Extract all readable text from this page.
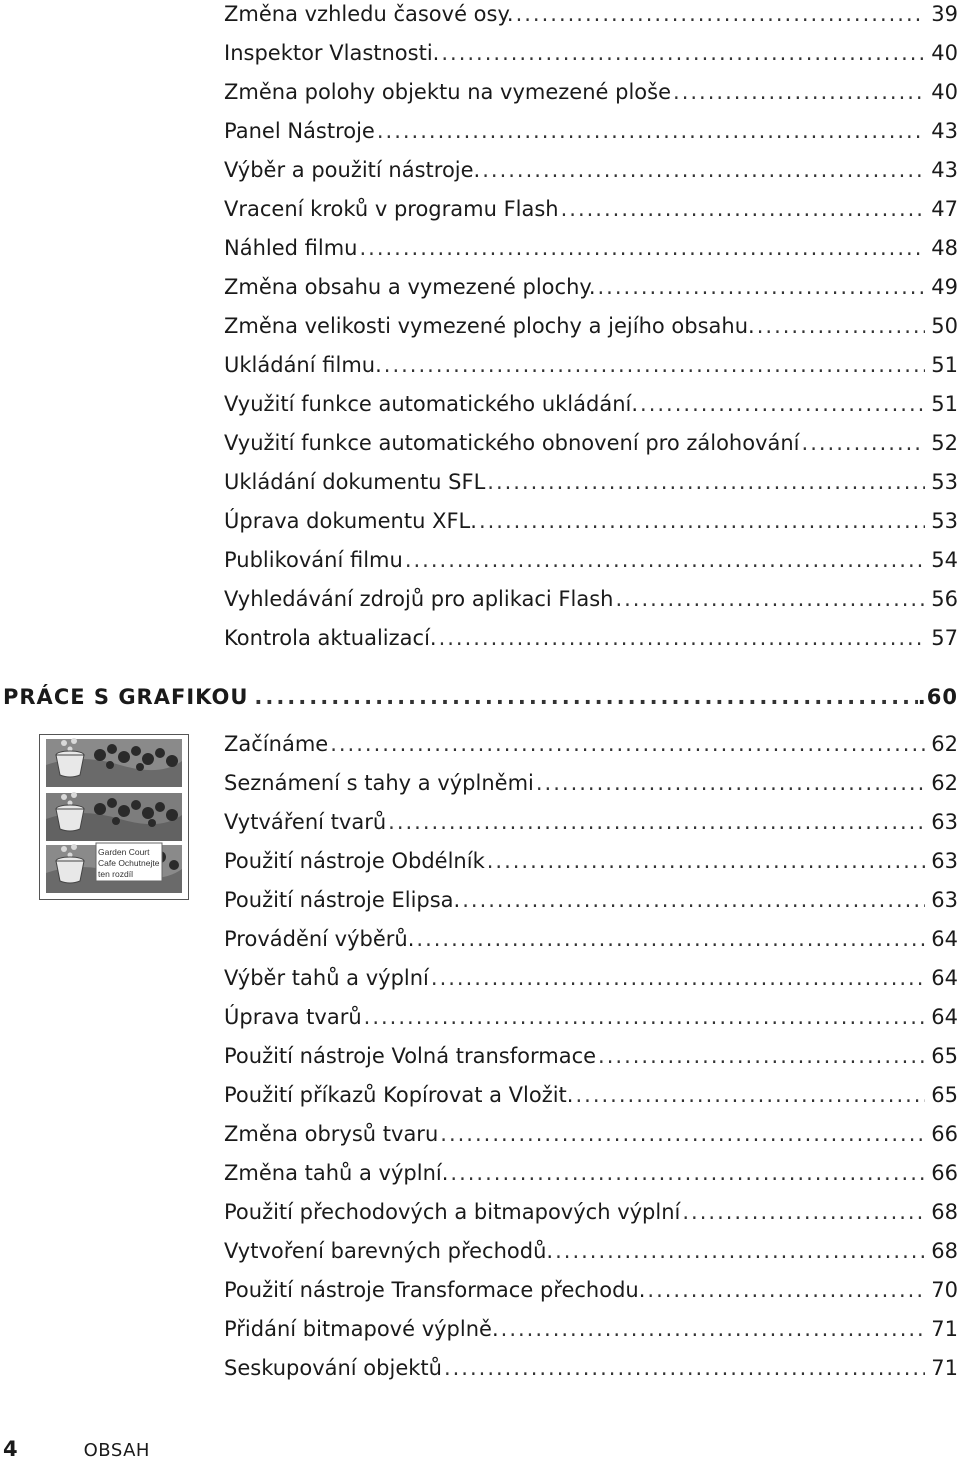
Změna vzhledu časové osy. .....	39
Inspektor Vlastnosti. .....	40
Změna polohy objektu na vymezené ploše .....	40
Panel Nástroje .....	43
Výběr a použití nástroje. .....	43
Vracení kroků v programu Flash .....	47
Náhled filmu .....	48
Změna obsahu a vymezené plochy. .....	49
Změna velikosti vymezené plochy a jejího obsahu. .....	50
Ukládání filmu. .....	51
Využití funkce automatického ukládání. .....	51
Využití funkce automatického obnovení pro zálohování .....	52
Ukládání dokumentu SFL .....	53
Úprava dokumentu XFL. .....	53
Publikování filmu .....	54
Vyhledávání zdrojů pro aplikaci Flash .....	56
Kontrola aktualizací. .....	57
PRÁCE S GRAFIKOU .....	.60
Začínáme .....	62
Seznámení s tahy a výplněmi .....	62
Vytváření tvarů .....	63
Použití nástroje Obdélník .....	63
Použití nástroje Elipsa. .....	63
Provádění výběrů. .....	64
Výběr tahů a výplní .....	64
Úprava tvarů .....	64
Použití nástroje Volná transformace .....	65
Použití příkazů Kopírovat a Vložit. .....	65
Změna obrysů tvaru .....	66
Změna tahů a výplní. .....	66
Použití přechodových a bitmapových výplní .....	68
Vytvoření barevných přechodů. .....	68
Použití nástroje Transformace přechodu. .....	70
Přidání bitmapové výplně. .....	71
Seskupování objektů .....	71
Garden Court
Cafe Ochutnejte
ten rozdíl
4	OBSAH
